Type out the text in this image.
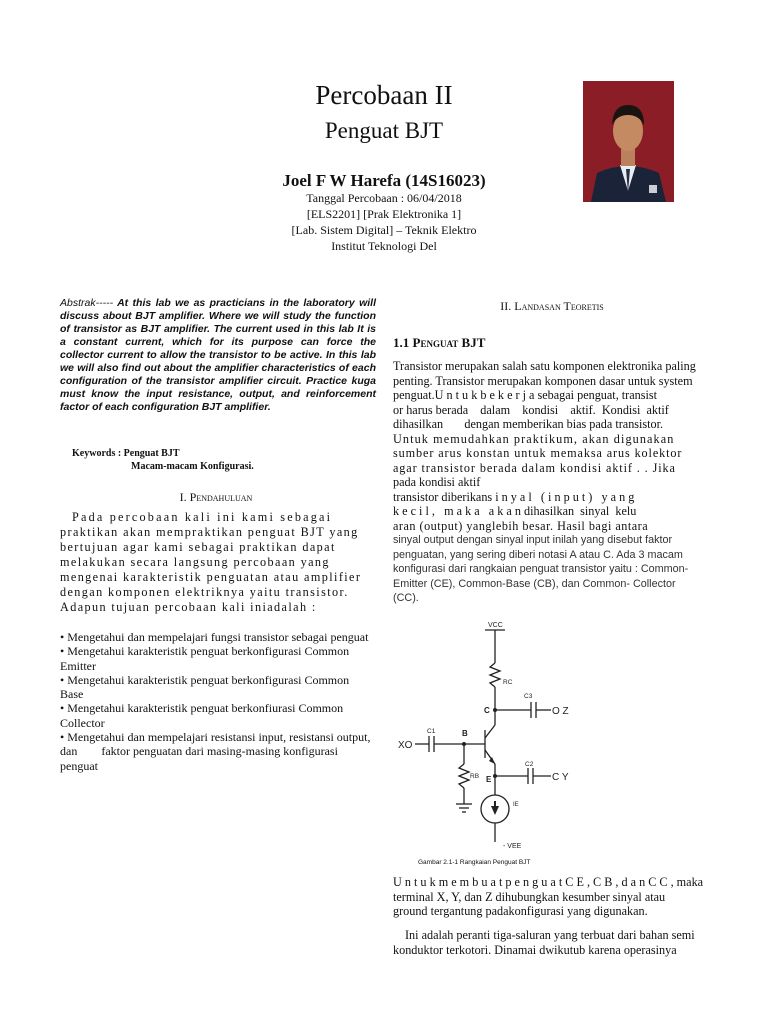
Percobaan II
Penguat BJT
Joel F W Harefa (14S16023)
Tanggal Percobaan : 06/04/2018
[ELS2201] [Prak Elektronika 1]
[Lab. Sistem Digital] – Teknik Elektro
Institut Teknologi Del
Abstrak----- At this lab we as practicians in the laboratory will discuss about BJT amplifier. Where we will study the function of transistor as BJT amplifier. The current used in this lab It is a constant current, which for its purpose can force the collector current to allow the transistor to be active. In this lab we will also find out about the amplifier characteristics of each configuration of the transistor amplifier circuit. Practice kuga must know the input resistance, output, and reinforcement factor of each configuration BJT amplifier.
Keywords : Penguat BJT
Macam-macam Konfigurasi.
I. Pendahuluan
Pada percobaan kali ini kami sebagai
praktikan akan mempraktikan penguat BJT yang
bertujuan agar kami sebagai praktikan dapat
melakukan secara langsung percobaan yang
mengenai karakteristik penguatan atau amplifier
dengan komponen elektriknya yaitu transistor.
Adapun tujuan percobaan kali iniadalah :
• Mengetahui dan mempelajari fungsi transistor sebagai penguat
• Mengetahui karakteristik penguat berkonfigurasi Common Emitter
• Mengetahui karakteristik penguat berkonfigurasi Common Base
• Mengetahui karakteristik penguat berkonfiurasi Common Collector
• Mengetahui dan mempelajari resistansi input, resistansi output, dan        faktor penguatan dari masing-masing konfigurasi penguat
II. Landasan Teoretis
1.1 Penguat BJT
Transistor merupakan salah satu komponen elektronika paling
penting. Transistor merupakan komponen dasar untuk system
penguat.U n t u k b e k e r j a sebagai penguat, transist
or harus berada    dalam    kondisi    aktif.  Kondisi  aktif
dihasilkan       dengan memberikan bias pada transistor.
Untuk memudahkan praktikum, akan digunakan
sumber arus konstan untuk memaksa arus kolektor
agar transistor berada dalam kondisi aktif . . Jika
pada kondisi aktif
transistor diberikans i n y a l   ( i n p u t )   y a n g
k e c i l ,   m a k a   a k a n dihasilkan  sinyal  kelu
aran (output) yanglebih besar. Hasil bagi antara
sinyal output dengan sinyal input inilah yang disebut faktor
penguatan, yang sering diberi notasi A atau C. Ada 3 macam
konfigurasi dari rangkaian penguat transistor yaitu : Common-
Emitter (CE), Common-Base (CB), dan Common- Collector
(CC).
VCC
RC
C3
C	O Z
XO
C1	B
RB E
C2
C Y
IE
- VEE
Gambar 2.1-1 Rangkaian Penguat BJT
U n t u k m e m b u a t p e n g u a t C E , C B , d a n C C , maka
terminal X, Y, dan Z dihubungkan kesumber sinyal atau
ground tergantung padakonfigurasi yang digunakan.
Ini adalah peranti tiga-saluran yang terbuat dari bahan semi
konduktor terkotori. Dinamai dwikutub karena operasinya
